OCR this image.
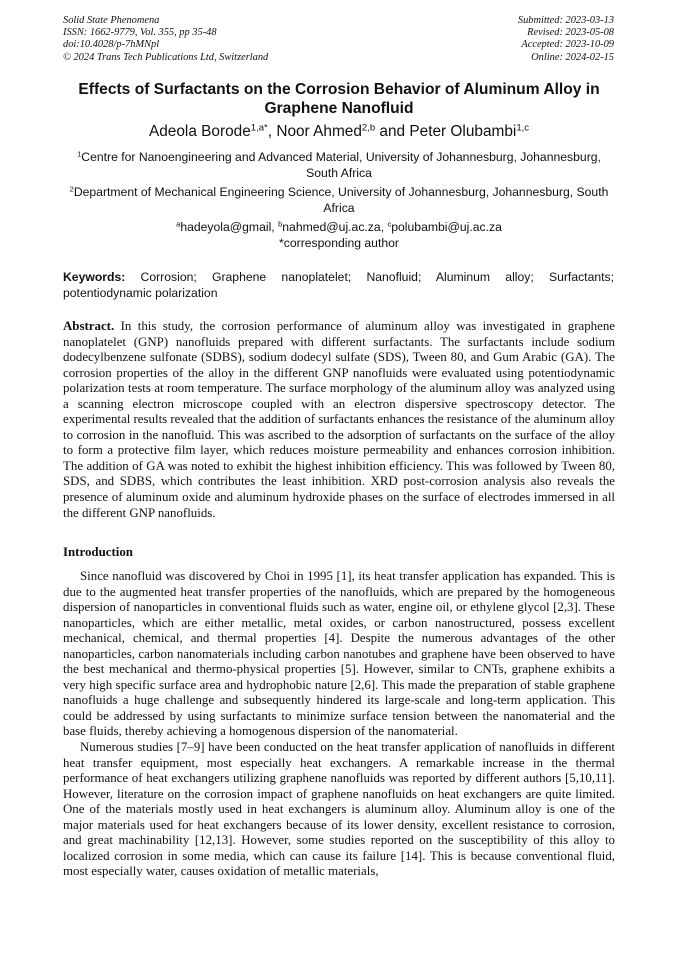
Solid State Phenomena
ISSN: 1662-9779, Vol. 355, pp 35-48
doi:10.4028/p-7hMNpl
© 2024 Trans Tech Publications Ltd, Switzerland
Submitted: 2023-03-13
Revised: 2023-05-08
Accepted: 2023-10-09
Online: 2024-02-15
Effects of Surfactants on the Corrosion Behavior of Aluminum Alloy in Graphene Nanofluid
Adeola Borode$^{1,a*}$, Noor Ahmed$^{2,b}$ and Peter Olubambi$^{1,c}$
$^1$Centre for Nanoengineering and Advanced Material, University of Johannesburg, Johannesburg, South Africa
$^2$Department of Mechanical Engineering Science, University of Johannesburg, Johannesburg, South Africa
$^a$hadeyola@gmail, $^b$nahmed@uj.ac.za, $^c$polubambi@uj.ac.za
*corresponding author
Keywords: Corrosion; Graphene nanoplatelet; Nanofluid; Aluminum alloy; Surfactants; potentiodynamic polarization
Abstract. In this study, the corrosion performance of aluminum alloy was investigated in graphene nanoplatelet (GNP) nanofluids prepared with different surfactants. The surfactants include sodium dodecylbenzene sulfonate (SDBS), sodium dodecyl sulfate (SDS), Tween 80, and Gum Arabic (GA). The corrosion properties of the alloy in the different GNP nanofluids were evaluated using potentiodynamic polarization tests at room temperature. The surface morphology of the aluminum alloy was analyzed using a scanning electron microscope coupled with an electron dispersive spectroscopy detector. The experimental results revealed that the addition of surfactants enhances the resistance of the aluminum alloy to corrosion in the nanofluid. This was ascribed to the adsorption of surfactants on the surface of the alloy to form a protective film layer, which reduces moisture permeability and enhances corrosion inhibition. The addition of GA was noted to exhibit the highest inhibition efficiency. This was followed by Tween 80, SDS, and SDBS, which contributes the least inhibition. XRD post-corrosion analysis also reveals the presence of aluminum oxide and aluminum hydroxide phases on the surface of electrodes immersed in all the different GNP nanofluids.
Introduction

Since nanofluid was discovered by Choi in 1995 [1], its heat transfer application has expanded. This is due to the augmented heat transfer properties of the nanofluids, which are prepared by the homogeneous dispersion of nanoparticles in conventional fluids such as water, engine oil, or ethylene glycol [2,3]. These nanoparticles, which are either metallic, metal oxides, or carbon nanostructured, possess excellent mechanical, chemical, and thermal properties [4]. Despite the numerous advantages of the other nanoparticles, carbon nanomaterials including carbon nanotubes and graphene have been observed to have the best mechanical and thermo-physical properties [5]. However, similar to CNTs, graphene exhibits a very high specific surface area and hydrophobic nature [2,6]. This made the preparation of stable graphene nanofluids a huge challenge and subsequently hindered its large-scale and long-term application. This could be addressed by using surfactants to minimize surface tension between the nanomaterial and the base fluids, thereby achieving a homogenous dispersion of the nanomaterial.

Numerous studies [7–9] have been conducted on the heat transfer application of nanofluids in different heat transfer equipment, most especially heat exchangers. A remarkable increase in the thermal performance of heat exchangers utilizing graphene nanofluids was reported by different authors [5,10,11]. However, literature on the corrosion impact of graphene nanofluids on heat exchangers are quite limited. One of the materials mostly used in heat exchangers is aluminum alloy. Aluminum alloy is one of the major materials used for heat exchangers because of its lower density, excellent resistance to corrosion, and great machinability [12,13]. However, some studies reported on the susceptibility of this alloy to localized corrosion in some media, which can cause its failure [14]. This is because conventional fluid, most especially water, causes oxidation of metallic materials,
